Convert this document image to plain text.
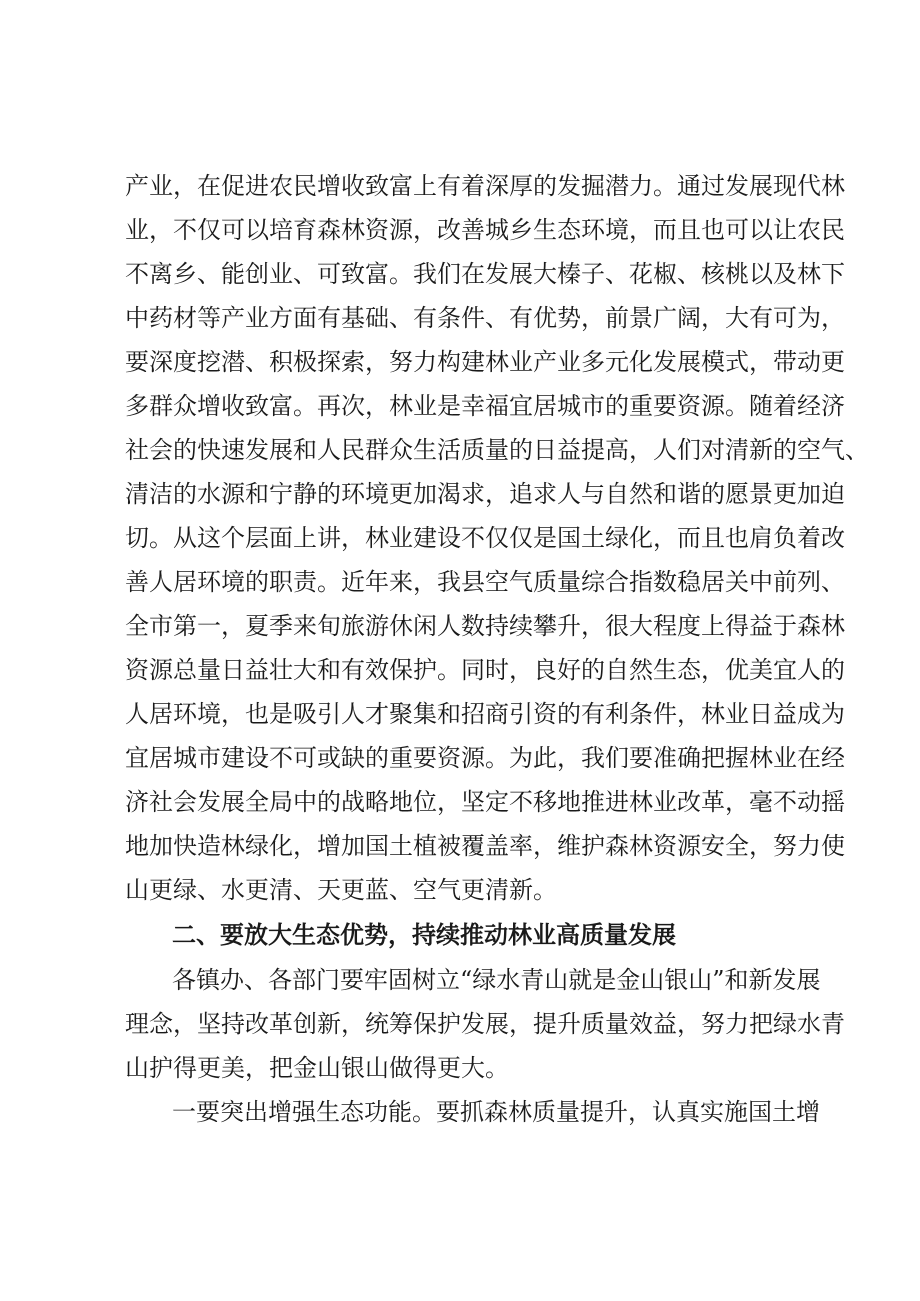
产业，在促进农民增收致富上有着深厚的发掘潜力。通过发展现代林
业，不仅可以培育森林资源，改善城乡生态环境，而且也可以让农民
不离乡、能创业、可致富。我们在发展大榛子、花椒、核桃以及林下
中药材等产业方面有基础、有条件、有优势，前景广阔，大有可为，
要深度挖潜、积极探索，努力构建林业产业多元化发展模式，带动更
多群众增收致富。再次，林业是幸福宜居城市的重要资源。随着经济
社会的快速发展和人民群众生活质量的日益提高，人们对清新的空气、
清洁的水源和宁静的环境更加渴求，追求人与自然和谐的愿景更加迫
切。从这个层面上讲，林业建设不仅仅是国土绿化，而且也肩负着改
善人居环境的职责。近年来，我县空气质量综合指数稳居关中前列、
全市第一，夏季来旬旅游休闲人数持续攀升，很大程度上得益于森林
资源总量日益壮大和有效保护。同时，良好的自然生态，优美宜人的
人居环境，也是吸引人才聚集和招商引资的有利条件，林业日益成为
宜居城市建设不可或缺的重要资源。为此，我们要准确把握林业在经
济社会发展全局中的战略地位，坚定不移地推进林业改革，毫不动摇
地加快造林绿化，增加国土植被覆盖率，维护森林资源安全，努力使
山更绿、水更清、天更蓝、空气更清新。
二、要放大生态优势，持续推动林业高质量发展
各镇办、各部门要牢固树立“绿水青山就是金山银山”和新发展
理念，坚持改革创新，统筹保护发展，提升质量效益，努力把绿水青
山护得更美，把金山银山做得更大。
一要突出增强生态功能。要抓森林质量提升，认真实施国土增
